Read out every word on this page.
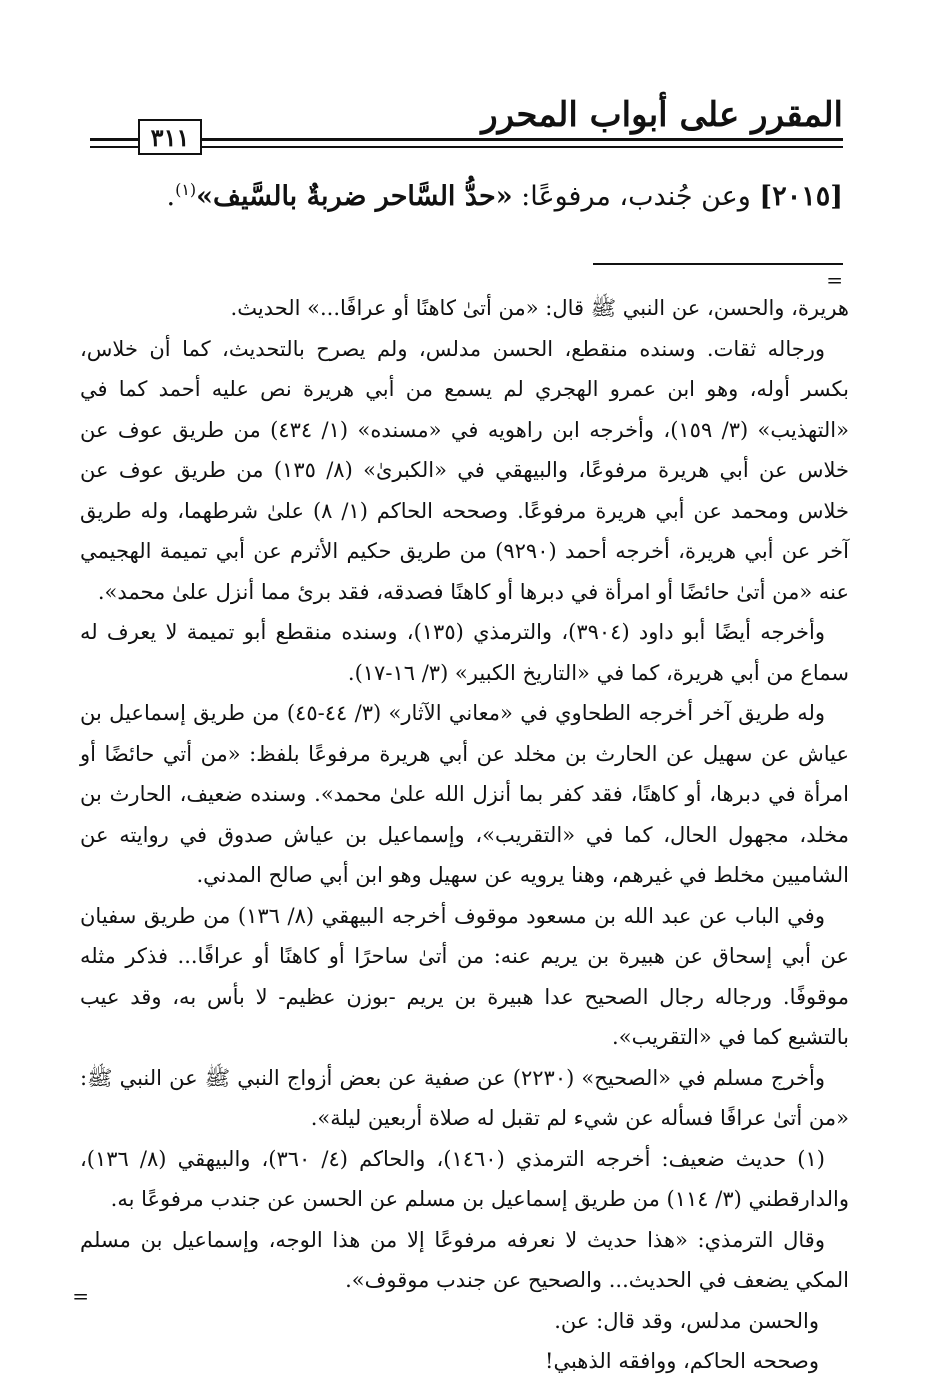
المقرر على أبواب المحرر
٣١١
[٢٠١٥] وعن جُندب، مرفوعًا: «حدُّ السَّاحر ضربةٌ بالسَّيف»$^{(١)}$.
=

هريرة، والحسن، عن النبي ﷺ قال: «من أتىٰ كاهنًا أو عرافًا...» الحديث.

ورجاله ثقات. وسنده منقطع، الحسن مدلس، ولم يصرح بالتحديث، كما أن خلاس، بكسر أوله، وهو ابن عمرو الهجري لم يسمع من أبي هريرة نص عليه أحمد كما في «التهذيب» (٣/ ١٥٩)، وأخرجه ابن راهويه في «مسنده» (١/ ٤٣٤) من طريق عوف عن خلاس عن أبي هريرة مرفوعًا، والبيهقي في «الكبرىٰ» (٨/ ١٣٥) من طريق عوف عن خلاس ومحمد عن أبي هريرة مرفوعًا. وصححه الحاكم (١/ ٨) علىٰ شرطهما، وله طريق آخر عن أبي هريرة، أخرجه أحمد (٩٢٩٠) من طريق حكيم الأثرم عن أبي تميمة الهجيمي عنه «من أتىٰ حائضًا أو امرأة في دبرها أو كاهنًا فصدقه، فقد برئ مما أنزل علىٰ محمد».

وأخرجه أيضًا أبو داود (٣٩٠٤)، والترمذي (١٣٥)، وسنده منقطع أبو تميمة لا يعرف له سماع من أبي هريرة، كما في «التاريخ الكبير» (٣/ ١٦-١٧).

وله طريق آخر أخرجه الطحاوي في «معاني الآثار» (٣/ ٤٤-٤٥) من طريق إسماعيل بن عياش عن سهيل عن الحارث بن مخلد عن أبي هريرة مرفوعًا بلفظ: «من أتي حائضًا أو امرأة في دبرها، أو كاهنًا، فقد كفر بما أنزل الله علىٰ محمد». وسنده ضعيف، الحارث بن مخلد، مجهول الحال، كما في «التقريب»، وإسماعيل بن عياش صدوق في روايته عن الشاميين مخلط في غيرهم، وهنا يرويه عن سهيل وهو ابن أبي صالح المدني.

وفي الباب عن عبد الله بن مسعود موقوف أخرجه البيهقي (٨/ ١٣٦) من طريق سفيان عن أبي إسحاق عن هبيرة بن يريم عنه: من أتىٰ ساحرًا أو كاهنًا أو عرافًا... فذكر مثله موقوفًا. ورجاله رجال الصحيح عدا هبيرة بن يريم -بوزن عظيم- لا بأس به، وقد عيب بالتشيع كما في «التقريب».

وأخرج مسلم في «الصحيح» (٢٢٣٠) عن صفية عن بعض أزواج النبي ﷺ عن النبي ﷺ: «من أتىٰ عرافًا فسأله عن شيء لم تقبل له صلاة أربعين ليلة».

(١) حديث ضعيف: أخرجه الترمذي (١٤٦٠)، والحاكم (٤/ ٣٦٠)، والبيهقي (٨/ ١٣٦)، والدارقطني (٣/ ١١٤) من طريق إسماعيل بن مسلم عن الحسن عن جندب مرفوعًا به.

وقال الترمذي: «هذا حديث لا نعرفه مرفوعًا إلا من هذا الوجه، وإسماعيل بن مسلم المكي يضعف في الحديث... والصحيح عن جندب موقوف».

والحسن مدلس، وقد قال: عن.

وصححه الحاكم، ووافقه الذهبي!

=
